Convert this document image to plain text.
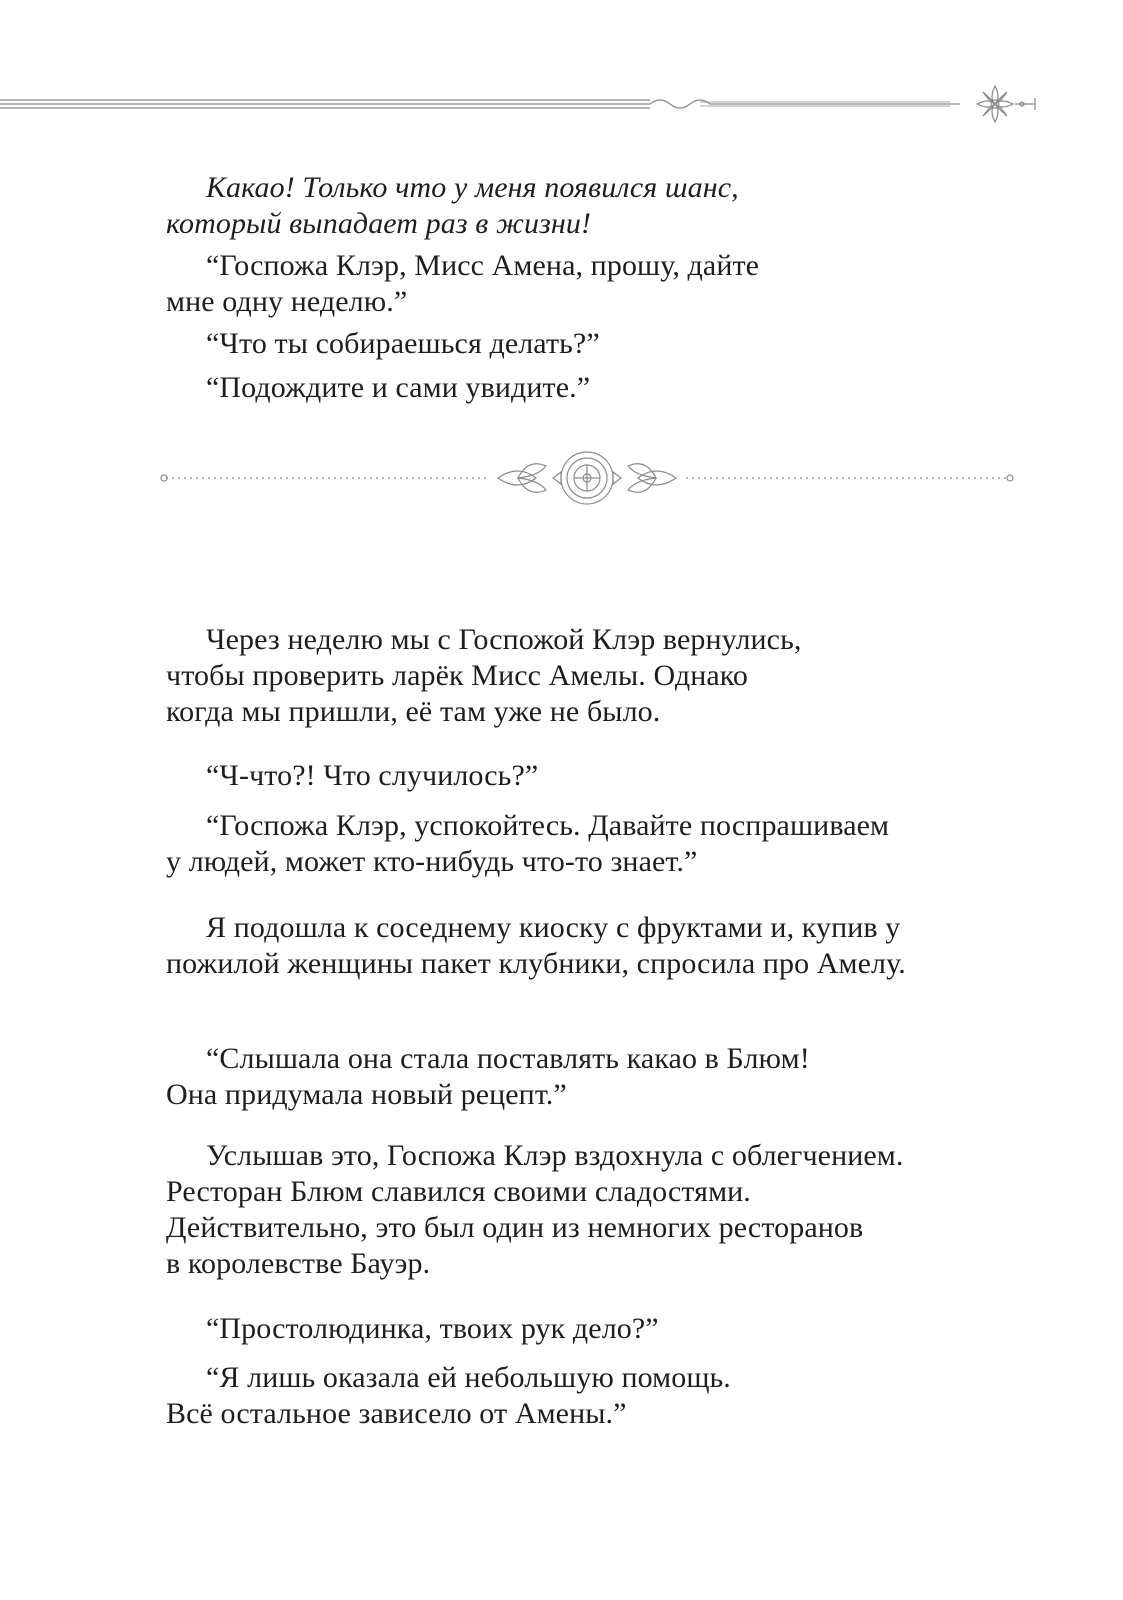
Какао! Только что у меня появился шанс,
который выпадает раз в жизни!

“Госпожа Клэр, Мисс Амена, прошу, дайте
мне одну неделю.”

“Что ты собираешься делать?”

“Подождите и сами увидите.”

Через неделю мы с Госпожой Клэр вернулись,
чтобы проверить ларёк Мисс Амелы. Однако
когда мы пришли, её там уже не было.

“Ч-что?! Что случилось?”

“Госпожа Клэр, успокойтесь. Давайте поспрашиваем
у людей, может кто-нибудь что-то знает.”

Я подошла к соседнему киоску с фруктами и, купив у
пожилой женщины пакет клубники, спросила про Амелу.

“Слышала она стала поставлять какао в Блюм!
Она придумала новый рецепт.”

Услышав это, Госпожа Клэр вздохнула с облегчением.
Ресторан Блюм славился своими сладостями.
Действительно, это был один из немногих ресторанов
в королевстве Бауэр.

“Простолюдинка, твоих рук дело?”

“Я лишь оказала ей небольшую помощь.
Всё остальное зависело от Амены.”
